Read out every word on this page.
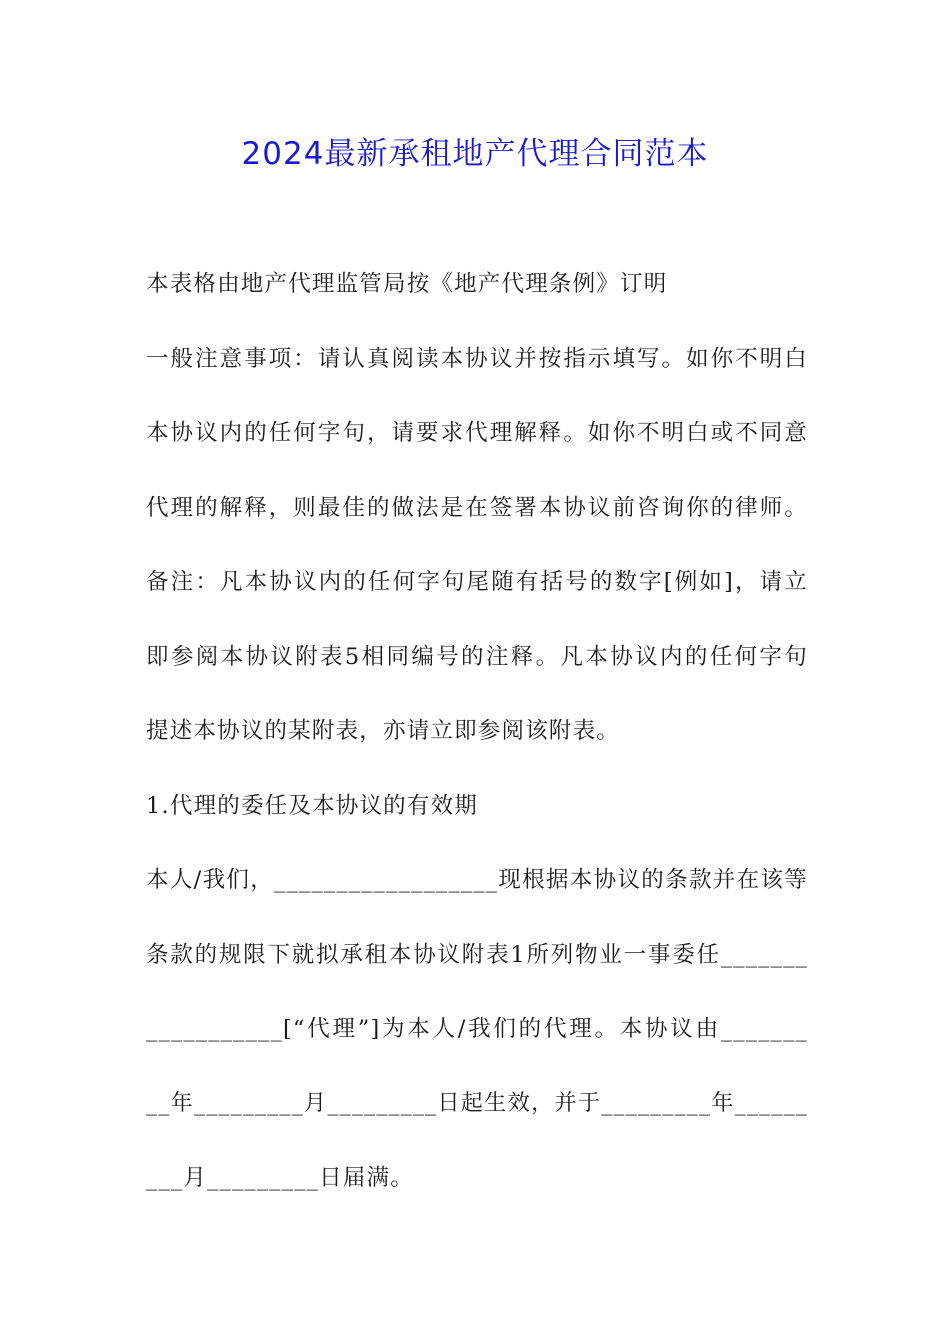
2024最新承租地产代理合同范本
本表格由地产代理监管局按《地产代理条例》订明
一般注意事项：请认真阅读本协议并按指示填写。如你不明白
本协议内的任何字句，请要求代理解释。如你不明白或不同意
代理的解释，则最佳的做法是在签署本协议前咨询你的律师。
备注：凡本协议内的任何字句尾随有括号的数字[例如]，请立
即参阅本协议附表5相同编号的注释。凡本协议内的任何字句
提述本协议的某附表，亦请立即参阅该附表。
1.代理的委任及本协议的有效期
本人/我们，__________________现根据本协议的条款并在该等
条款的规限下就拟承租本协议附表1所列物业一事委任_______
___________[“代理”]为本人/我们的代理。本协议由_______
__年_________月_________日起生效，并于_________年______
___月_________日届满。
